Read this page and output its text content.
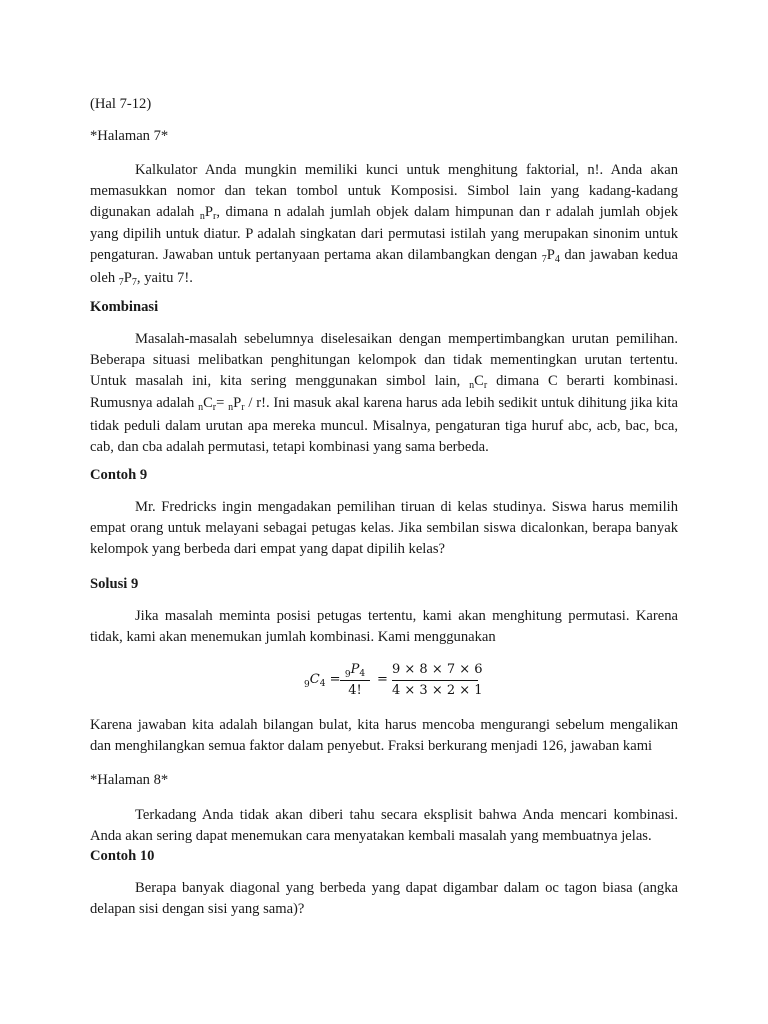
(Hal 7-12)

*Halaman 7*

Kalkulator Anda mungkin memiliki kunci untuk menghitung faktorial, n!. Anda akan memasukkan nomor dan tekan tombol untuk Komposisi. Simbol lain yang kadang-kadang digunakan adalah $_nP_r$, dimana n adalah jumlah objek dalam himpunan dan r adalah jumlah objek yang dipilih untuk diatur. P adalah singkatan dari permutasi istilah yang merupakan sinonim untuk pengaturan. Jawaban untuk pertanyaan pertama akan dilambangkan dengan $_7P_4$ dan jawaban kedua oleh $_7P_7$, yaitu 7!.

Kombinasi

Masalah-masalah sebelumnya diselesaikan dengan mempertimbangkan urutan pemilihan. Beberapa situasi melibatkan penghitungan kelompok dan tidak mementingkan urutan tertentu. Untuk masalah ini, kita sering menggunakan simbol lain, $_nC_r$ dimana C berarti kombinasi. Rumusnya adalah $_nC_r= _nP_r / r$!. Ini masuk akal karena harus ada lebih sedikit untuk dihitung jika kita tidak peduli dalam urutan apa mereka muncul. Misalnya, pengaturan tiga huruf abc, acb, bac, bca, cab, dan cba adalah permutasi, tetapi kombinasi yang sama berbeda.

Contoh 9

Mr. Fredricks ingin mengadakan pemilihan tiruan di kelas studinya. Siswa harus memilih empat orang untuk melayani sebagai petugas kelas. Jika sembilan siswa dicalonkan, berapa banyak kelompok yang berbeda dari empat yang dapat dipilih kelas?

Solusi 9

Jika masalah meminta posisi petugas tertentu, kami akan menghitung permutasi. Karena tidak, kami akan menemukan jumlah kombinasi. Kami menggunakan

$_9C_4 = \frac{_9P_4}{4!} = \frac{9 \times 8 \times 7 \times 6}{4 \times 3 \times 2 \times 1}$

Karena jawaban kita adalah bilangan bulat, kita harus mencoba mengurangi sebelum mengalikan dan menghilangkan semua faktor dalam penyebut. Fraksi berkurang menjadi 126, jawaban kami

*Halaman 8*

Terkadang Anda tidak akan diberi tahu secara eksplisit bahwa Anda mencari kombinasi. Anda akan sering dapat menemukan cara menyatakan kembali masalah yang membuatnya jelas.

Contoh 10

Berapa banyak diagonal yang berbeda yang dapat digambar dalam oc tagon biasa (angka delapan sisi dengan sisi yang sama)?
